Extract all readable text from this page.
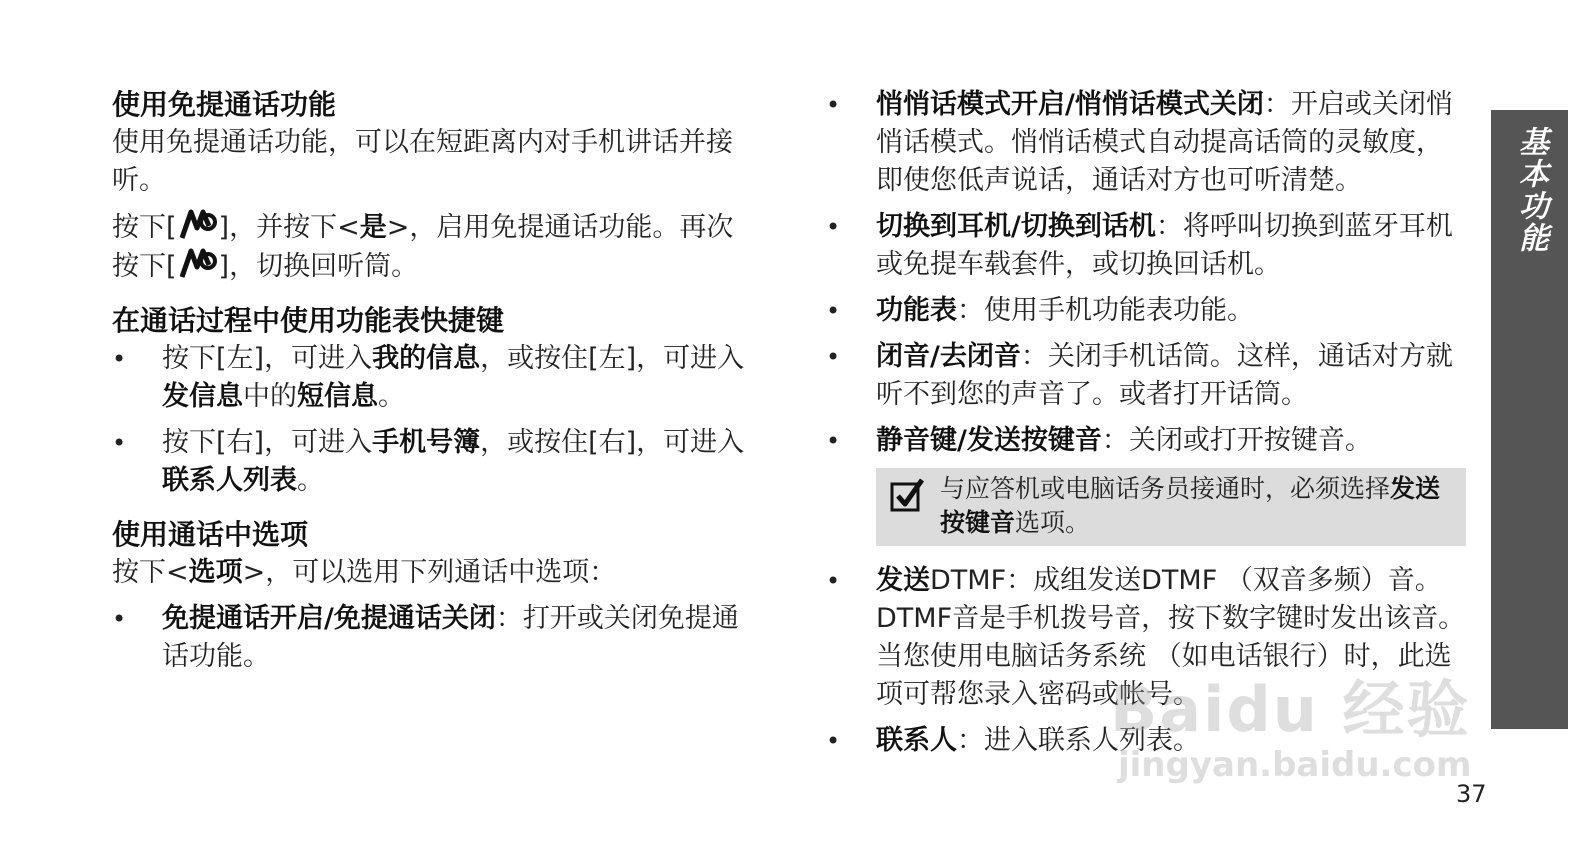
使用免提通话功能

使用免提通话功能，可以在短距离内对手机讲话并接听。

按下[ ]，并按下<是>，启用免提通话功能。再次按下[ ]，切换回听筒。

在通话过程中使用功能表快捷键
• 按下[左]，可进入我的信息，或按住[左]，可进入发信息中的短信息。
• 按下[右]，可进入手机号簿，或按住[右]，可进入联系人列表。
使用通话中选项

按下<选项>，可以选用下列通话中选项：

• 免提通话开启/免提通话关闭：打开或关闭免提通话功能。
• 悄悄话模式开启/悄悄话模式关闭：开启或关闭悄悄话模式。悄悄话模式自动提高话筒的灵敏度，即使您低声说话，通话对方也可听清楚。
• 切换到耳机/切换到话机：将呼叫切换到蓝牙耳机或免提车载套件，或切换回话机。
• 功能表：使用手机功能表功能。
• 闭音/去闭音：关闭手机话筒。这样，通话对方就听不到您的声音了。或者打开话筒。
• 静音键/发送按键音：关闭或打开按键音。
与应答机或电脑话务员接通时，必须选择发送按键音选项。
• 发送DTMF：成组发送DTMF （双音多频）音。 DTMF音是手机拨号音，按下数字键时发出该音。当您使用电脑话务系统 （如电话银行）时，此选项可帮您录入密码或帐号。
• 联系人：进入联系人列表。
基本功能
Baidu 经验
jingyan.baidu.com
37
